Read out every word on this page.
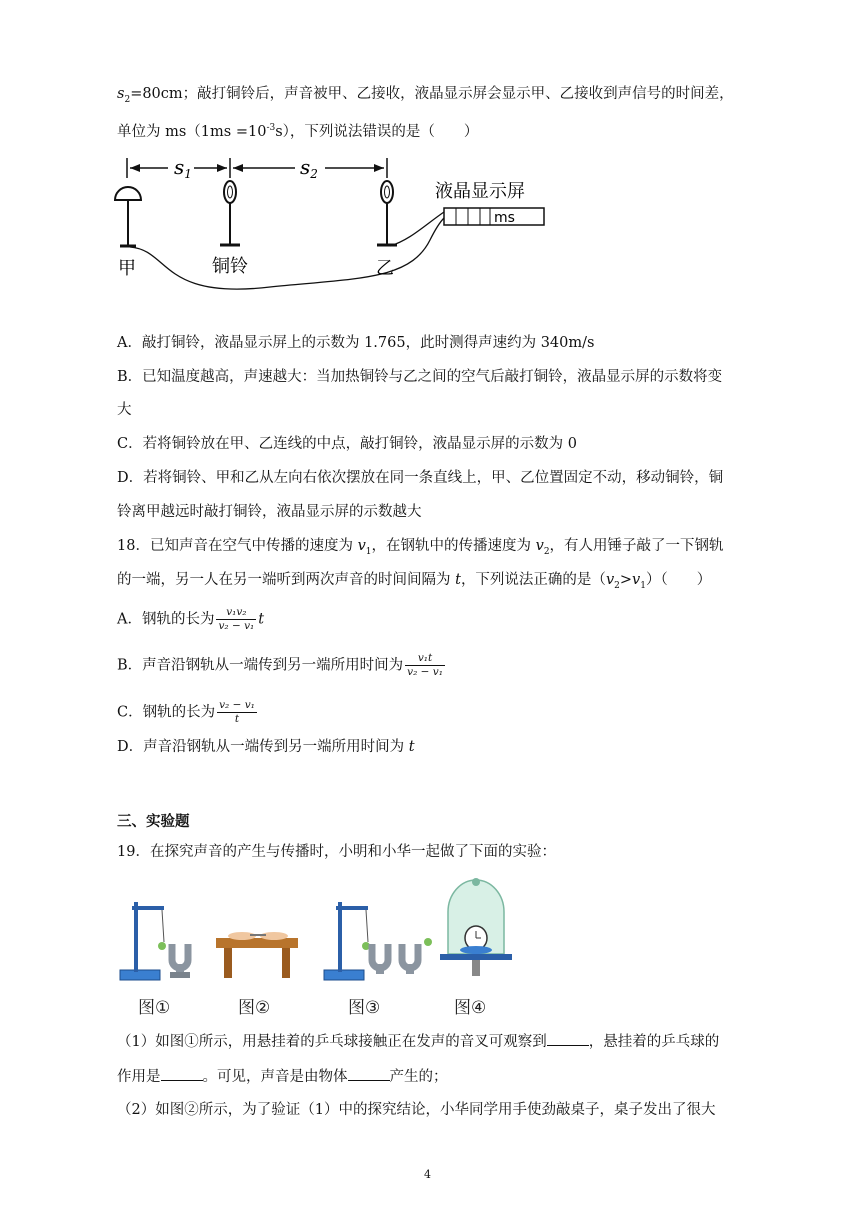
$s_2=80cm$；敲打铜铃后，声音被甲、乙接收，液晶显示屏会显示甲、乙接收到声信号的时间差，
单位为 $ms(1ms =10^{-3}s)$，下列说法错误的是（　　）
$s_1$	$s_2$
ms
液晶显示屏
甲	铜铃	乙
A．敲打铜铃，液晶显示屏上的示数为 1.765，此时测得声速约为 340m/s
B．已知温度越高，声速越大：当加热铜铃与乙之间的空气后敲打铜铃，液晶显示屏的示数将变
大
C．若将铜铃放在甲、乙连线的中点，敲打铜铃，液晶显示屏的示数为 0
D．若将铜铃、甲和乙从左向右依次摆放在同一条直线上，甲、乙位置固定不动，移动铜铃，铜
铃离甲越远时敲打铜铃，液晶显示屏的示数越大
18．已知声音在空气中传播的速度为 $v_1$，在钢轨中的传播速度为 $v_2$，有人用锤子敲了一下钢轨
的一端，另一人在另一端听到两次声音的时间间隔为 t，下列说法正确的是$(v_2>v_1)$（　　）
A．钢轨的长为 $\frac{\text{v₁v₂}}{\text{v₂ − v₁}}$ t
B．声音沿钢轨从一端传到另一端所用时间为 $\frac{\text{v₁t}}{\text{v₂ − v₁}}$
C．钢轨的长为 $\frac{\text{v₂ − v₁}}{t}$
D．声音沿钢轨从一端传到另一端所用时间为 t
三、实验题
19．在探究声音的产生与传播时，小明和小华一起做了下面的实验：
图①	图②	图③	图④
（1）如图①所示，用悬挂着的乒乓球接触正在发声的音叉可观察到	，悬挂着的乒乓球的
作用是	。可见，声音是由物体	产生的；
（2）如图②所示，为了验证（1）中的探究结论，小华同学用手使劲敲桌子，桌子发出了很大
4
